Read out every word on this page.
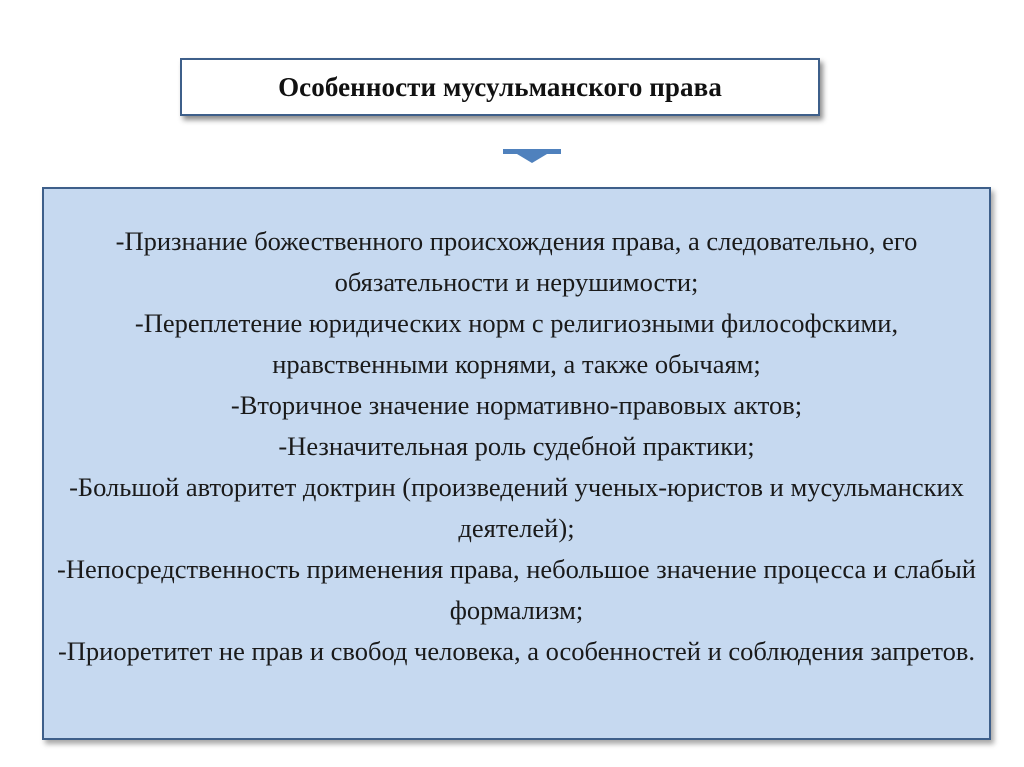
Особенности мусульманского права
-Признание божественного происхождения права, а следовательно, его обязательности и нерушимости;
-Переплетение юридических норм с религиозными философскими, нравственными корнями, а также обычаям;
-Вторичное значение нормативно-правовых актов;
-Незначительная роль судебной практики;
-Большой авторитет доктрин (произведений ученых-юристов и мусульманских деятелей);
-Непосредственность применения права, небольшое значение процесса и слабый формализм;
-Приоретитет не прав и свобод человека, а особенностей и соблюдения запретов.
